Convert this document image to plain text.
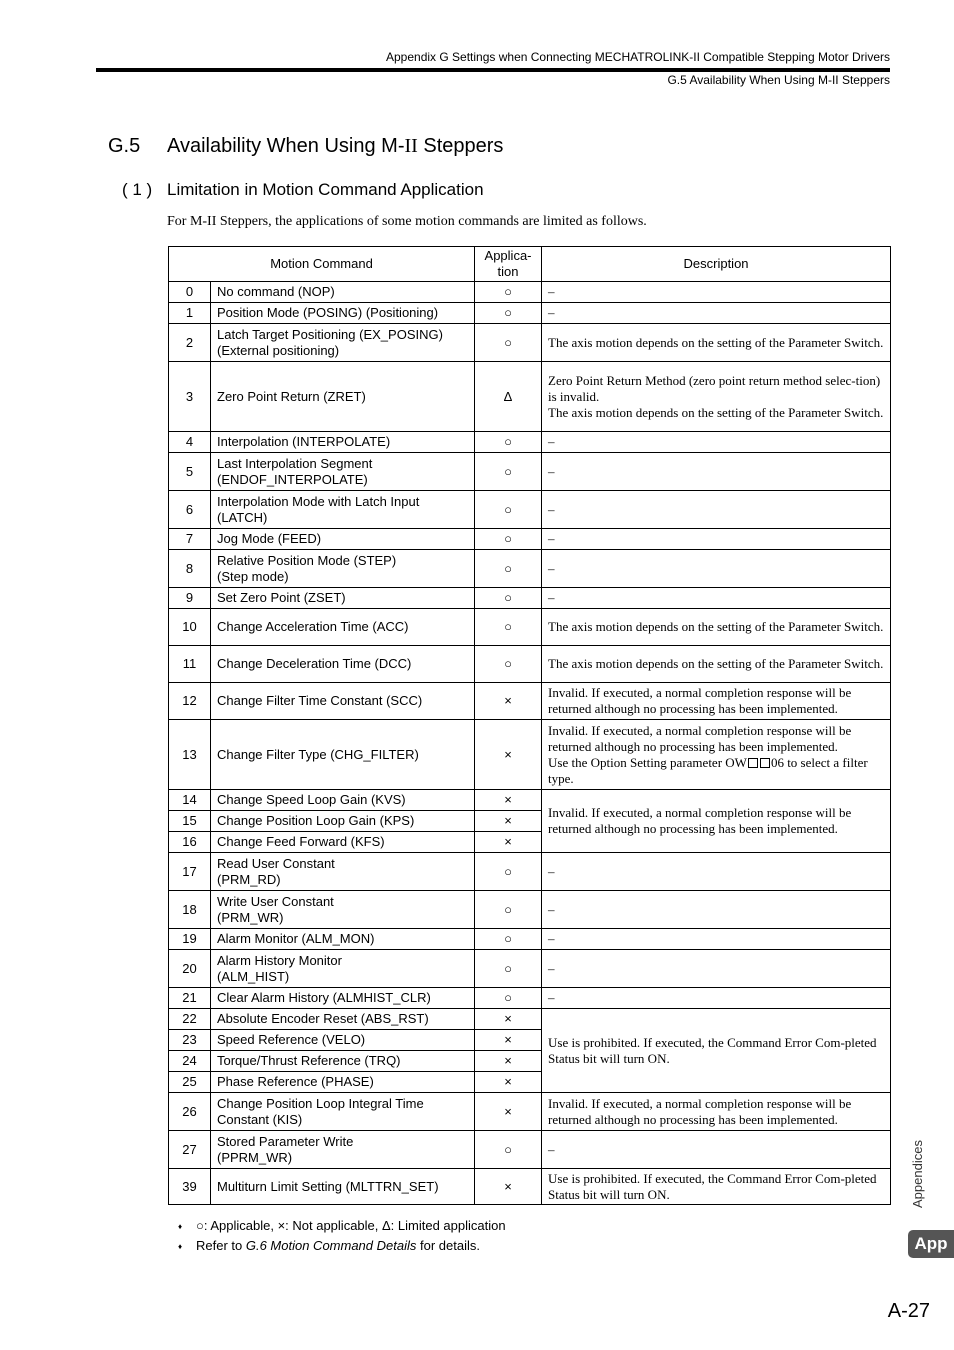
Appendix G Settings when Connecting MECHATROLINK-II Compatible Stepping Motor Drivers
G.5 Availability When Using M-II Steppers
G.5 Availability When Using M-II Steppers
( 1 ) Limitation in Motion Command Application
For M-II Steppers, the applications of some motion commands are limited as follows.
Motion Command		Applica-
tion	Description
0	No command (NOP)	○	–
1	Position Mode (POSING) (Positioning)	○	–
2	Latch Target Positioning (EX_POSING)
(External positioning)	○	The axis motion depends on the setting of the Parameter Switch.
3	Zero Point Return (ZRET)	Δ	Zero Point Return Method (zero point return method selec-tion) is invalid.
The axis motion depends on the setting of the Parameter Switch.
4	Interpolation (INTERPOLATE)	○	–
5	Last Interpolation Segment
(ENDOF_INTERPOLATE)	○	–
6	Interpolation Mode with Latch Input
(LATCH)	○	–
7	Jog Mode (FEED)	○	–
8	Relative Position Mode (STEP)
(Step mode)	○	–
9	Set Zero Point (ZSET)	○	–
10	Change Acceleration Time (ACC)	○	The axis motion depends on the setting of the Parameter Switch.
11	Change Deceleration Time (DCC)	○	The axis motion depends on the setting of the Parameter Switch.
12	Change Filter Time Constant (SCC)	×	Invalid. If executed, a normal completion response will be returned although no processing has been implemented.
13	Change Filter Type (CHG_FILTER)	×	Invalid. If executed, a normal completion response will be returned although no processing has been implemented.
Use the Option Setting parameter OW 06 to select a filter type.
14	Change Speed Loop Gain (KVS)	×	Invalid. If executed, a normal completion response will be returned although no processing has been implemented.
15	Change Position Loop Gain (KPS)	×	
16	Change Feed Forward (KFS)	×	
17	Read User Constant
(PRM_RD)	○	–
18	Write User Constant
(PRM_WR)	○	–
19	Alarm Monitor (ALM_MON)	○	–
20	Alarm History Monitor
(ALM_HIST)	○	–
21	Clear Alarm History (ALMHIST_CLR)	○	–
22	Absolute Encoder Reset (ABS_RST)	×	Use is prohibited. If executed, the Command Error Com-pleted Status bit will turn ON.
23	Speed Reference (VELO)	×	
24	Torque/Thrust Reference (TRQ)	×	
25	Phase Reference (PHASE)	×	
26	Change Position Loop Integral Time
Constant (KIS)	×	Invalid. If executed, a normal completion response will be returned although no processing has been implemented.
27	Stored Parameter Write
(PPRM_WR)	○	–
39	Multiturn Limit Setting (MLTTRN_SET)	×	Use is prohibited. If executed, the Command Error Com-pleted Status bit will turn ON.
♦ ○: Applicable, ×: Not applicable, Δ: Limited application
♦ Refer to G.6 Motion Command Details for details.
Appendices
App
A-27
